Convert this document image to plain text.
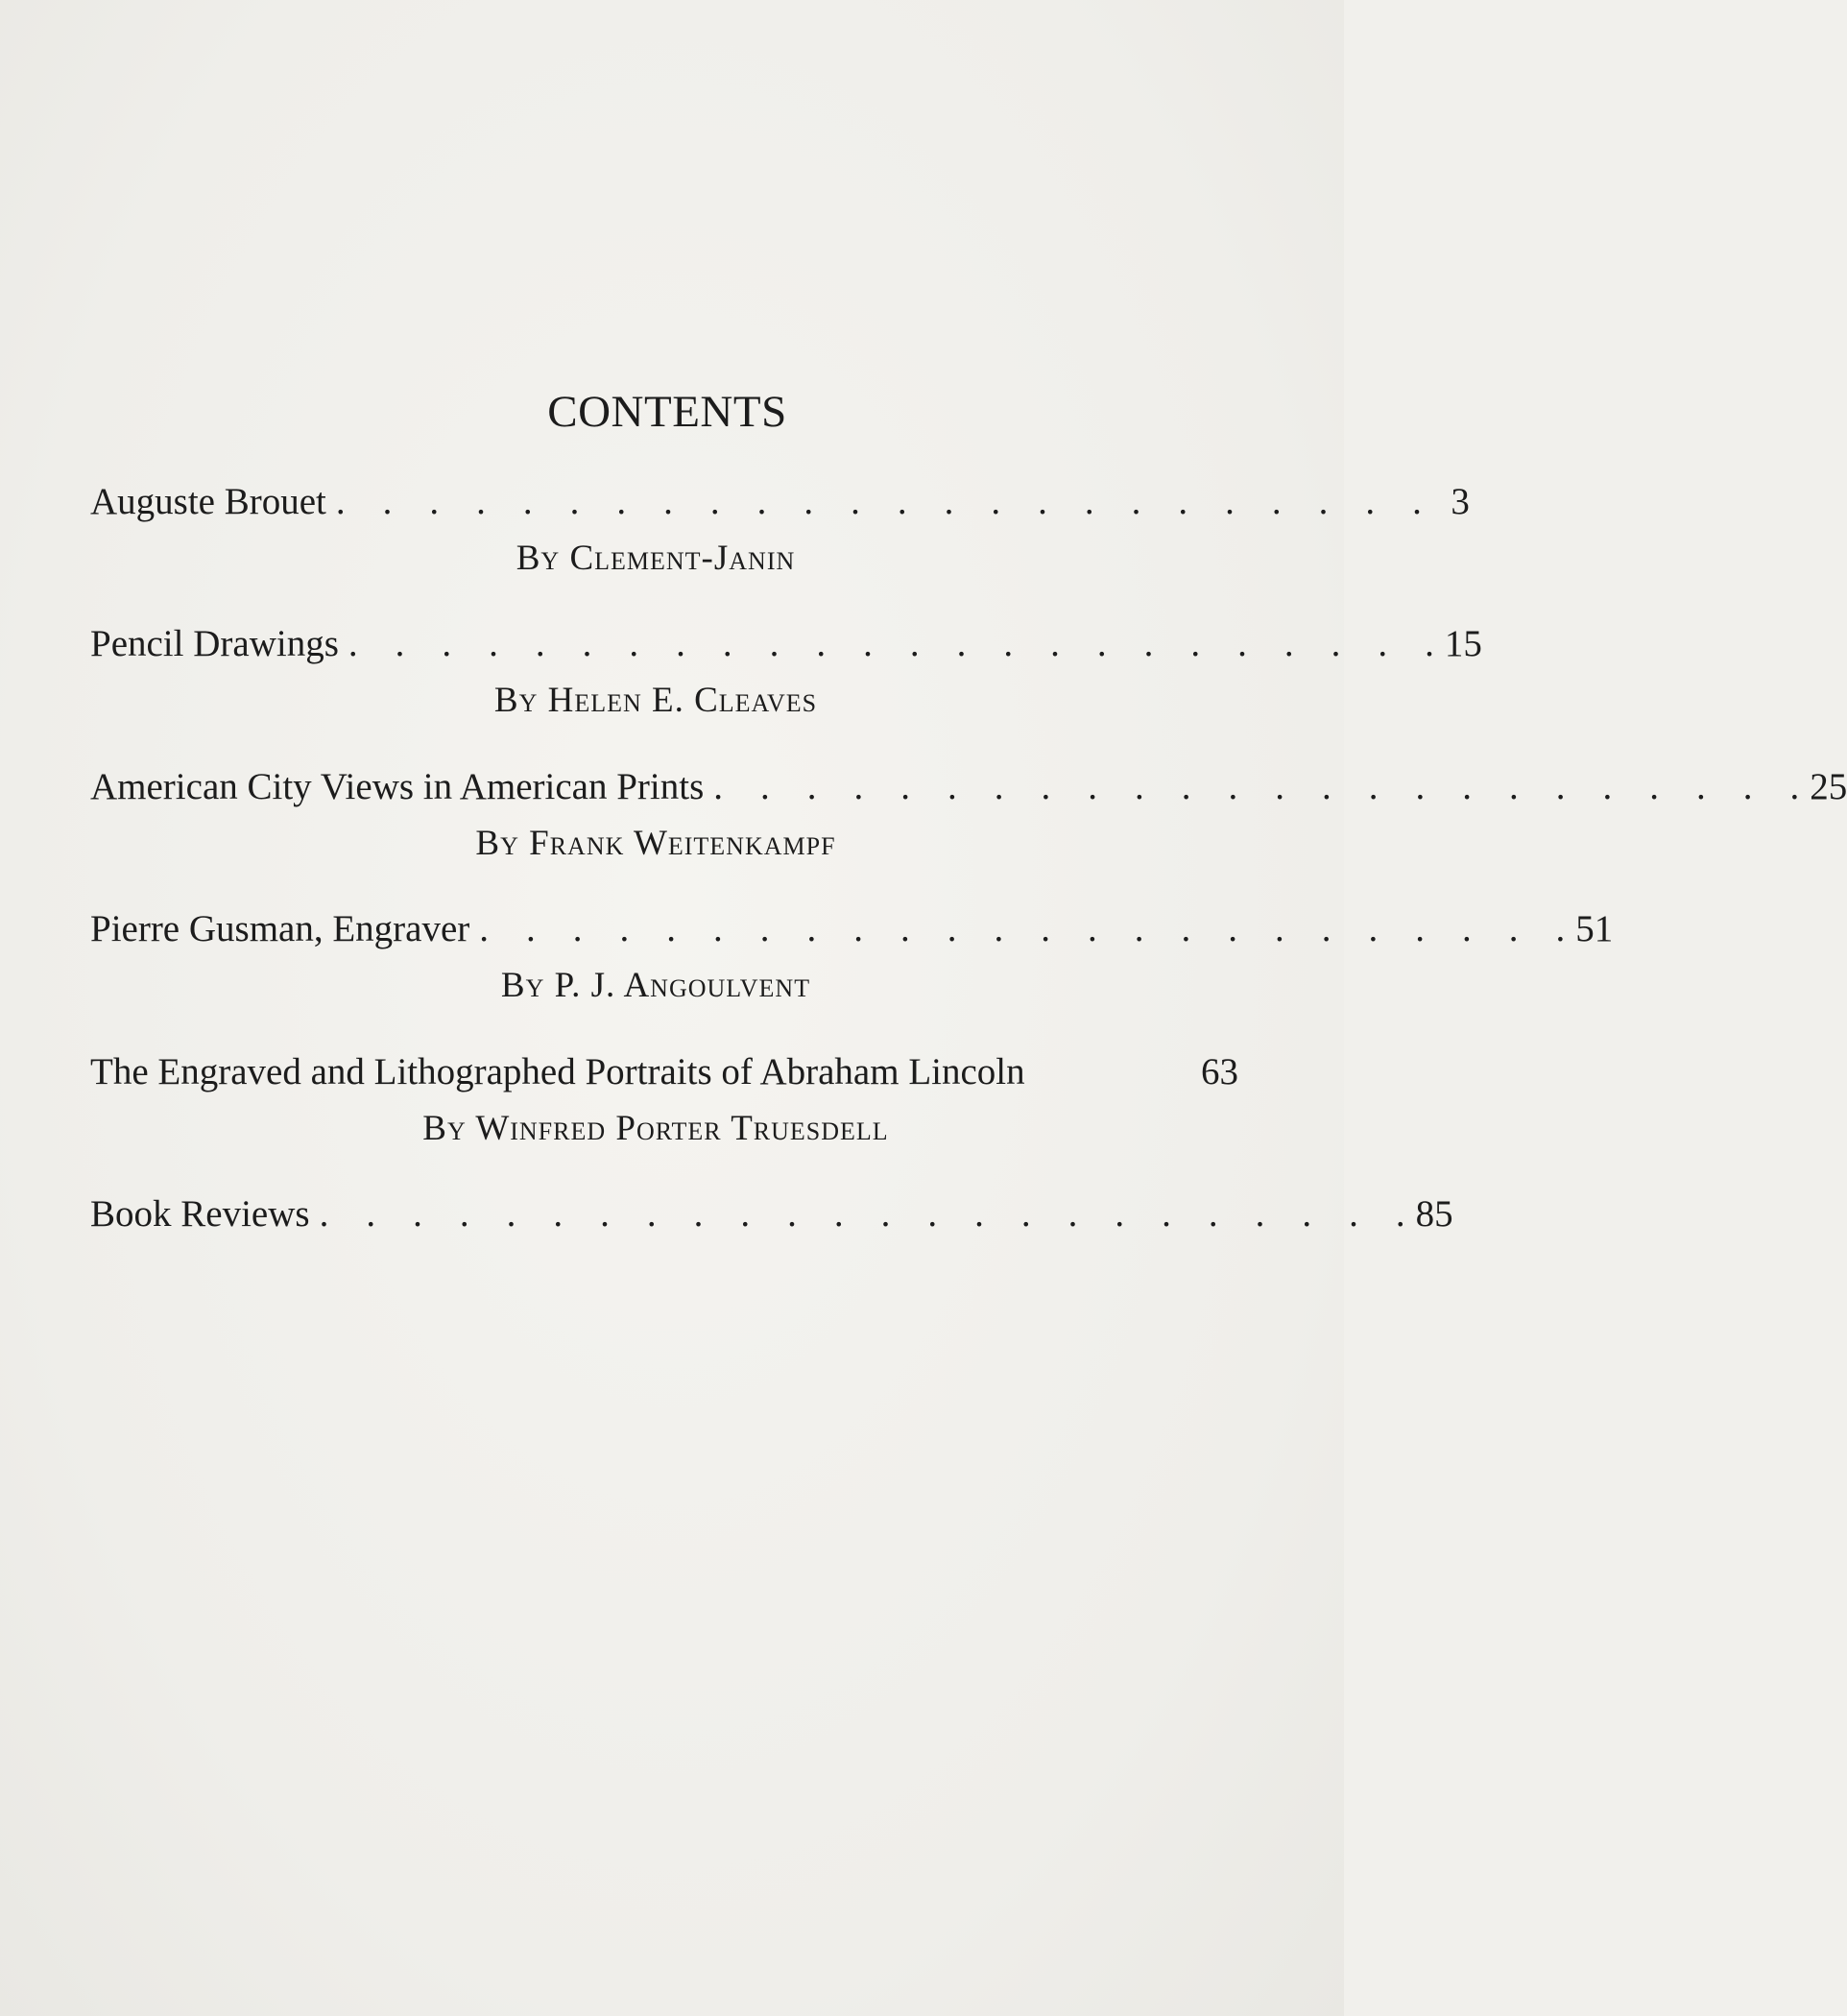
CONTENTS
Auguste Brouet .    .    .    .    .    .    .    .    .    .    .    .    .    .    .    .    .    .    .    .    .    .    .    . 3
By Clement-Janin
Pencil Drawings .    .    .    .    .    .    .    .    .    .    .    .    .    .    .    .    .    .    .    .    .    .    .    . 15
By Helen E. Cleaves
American City Views in American Prints .    .    .    .    .    .    .    .    .    .    .    .    .    .    .    .    .    .    .    .    .    .    .    . 25
By Frank Weitenkampf
Pierre Gusman, Engraver .    .    .    .    .    .    .    .    .    .    .    .    .    .    .    .    .    .    .    .    .    .    .    . 51
By P. J. Angoulvent
The Engraved and Lithographed Portraits of Abraham Lincoln	63
By Winfred Porter Truesdell
Book Reviews .    .    .    .    .    .    .    .    .    .    .    .    .    .    .    .    .    .    .    .    .    .    .    . 85
